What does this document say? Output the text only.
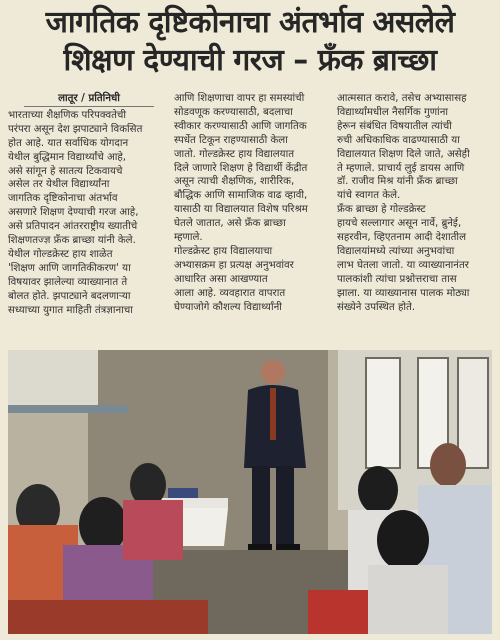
जागतिक दृष्टिकोनाचा अंतर्भाव असलेले
शिक्षण देण्याची गरज – फ्रँक ब्राच्छा
लातूर / प्रतिनिधी
भारताच्या शैक्षणिक परिपक्वतेची
परंपरा असून देश झपाट्याने विकसित
होत आहे. यात सर्वाधिक योगदान
येथील बुद्धिमान विद्यार्थ्यांचे आहे,
असे सांगून हे सातत्य टिकवायचे
असेल तर येथील विद्यार्थ्यांना
जागतिक दृष्टिकोनाचा अंतर्भाव
असणारे शिक्षण देण्याची गरज आहे,
असे प्रतिपादन आंतरराष्ट्रीय ख्यातीचे
शिक्षणतज्ज्ञ फ्रँक ब्राच्छा यांनी केले.
येथील गोल्डक्रेस्ट हाय शाळेत
'शिक्षण आणि जागतिकीकरण' या
विषयावर झालेल्या व्याख्यानात ते
बोलत होते. झपाट्याने बदलणाऱ्या
सध्याच्या युगात माहिती तंत्रज्ञानाचा
आणि शिक्षणाचा वापर हा समस्यांची
सोडवणूक करण्यासाठी, बदलाचा
स्वीकार करण्यासाठी आणि जागतिक
स्पर्धेत टिकून राहण्यासाठी केला
जातो. गोल्डक्रेस्ट हाय विद्यालयात
दिले जाणारे शिक्षण हे विद्यार्थी केंद्रीत
असून त्याची शैक्षणिक, शारीरिक,
बौद्धिक आणि सामाजिक वाढ व्हावी,
यासाठी या विद्यालयात विशेष परिश्रम
घेतले जातात, असे फ्रँक ब्राच्छा
म्हणाले.
गोल्डक्रेस्ट हाय विद्यालयाचा
अभ्यासक्रम हा प्रत्यक्ष अनुभवांवर
आधारित असा आखण्यात
आला आहे. व्यवहारात वापरात
घेण्याजोगे कौशल्य विद्यार्थ्यांनी
आत्मसात करावे, तसेच अभ्यासासह
विद्यार्थ्यांमधील नैसर्गिक गुणांना
हेरून संबंधित विषयातील त्यांची
रुची अधिकाधिक वाढण्यासाठी या
विद्यालयात शिक्षण दिले जाते, असेही
ते म्हणाले. प्राचार्य लुई डायस आणि
डॉ. राजीव मिश्र यांनी फ्रँक ब्राच्छा
यांचे स्वागत केले.
फ्रँक ब्राच्छा हे गोल्डक्रेस्ट
हायचे सल्लागार असून नार्वे, ब्रुनेई,
सहरवीन, व्हिएतनाम आदी देशातील
विद्यालयांमध्ये त्यांच्या अनुभवांचा
लाभ घेतला जातो. या व्याख्यानानंतर
पालकांशी त्यांचा प्रश्नोत्तराचा तास
झाला. या व्याख्यानास पालक मोठ्या
संख्येने उपस्थित होते.
